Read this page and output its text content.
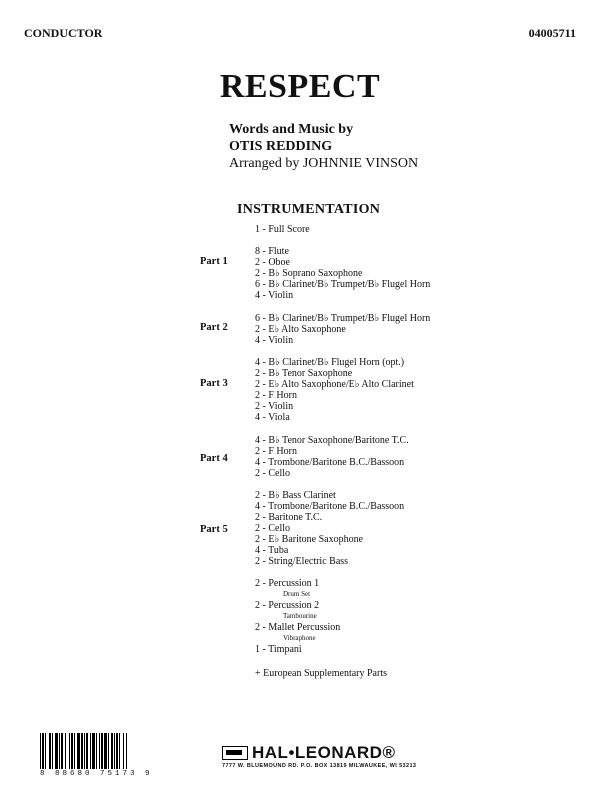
CONDUCTOR	04005711
RESPECT
Words and Music by
OTIS REDDING
Arranged by JOHNNIE VINSON
INSTRUMENTATION
1 - Full Score
Part 1
8 - Flute
2 - Oboe
2 - B♭ Soprano Saxophone
6 - B♭ Clarinet/B♭ Trumpet/B♭ Flugel Horn
4 - Violin
Part 2
6 - B♭ Clarinet/B♭ Trumpet/B♭ Flugel Horn
2 - E♭ Alto Saxophone
4 - Violin
Part 3
4 - B♭ Clarinet/B♭ Flugel Horn (opt.)
2 - B♭ Tenor Saxophone
2 - E♭ Alto Saxophone/E♭ Alto Clarinet
2 - F Horn
2 - Violin
4 - Viola
Part 4
4 - B♭ Tenor Saxophone/Baritone T.C.
2 - F Horn
4 - Trombone/Baritone B.C./Bassoon
2 - Cello
Part 5
2 - B♭ Bass Clarinet
4 - Trombone/Baritone B.C./Bassoon
2 - Baritone T.C.
2 - Cello
2 - E♭ Baritone Saxophone
4 - Tuba
2 - String/Electric Bass
2 - Percussion 1
Drum Set
2 - Percussion 2
Tambourine
2 - Mallet Percussion
Vibraphone
1 - Timpani
+ European Supplementary Parts
8 88680 75173 9
HAL•LEONARD®
7777 W. BLUEMOUND RD. P.O. BOX 13819 MILWAUKEE, WI 53213
